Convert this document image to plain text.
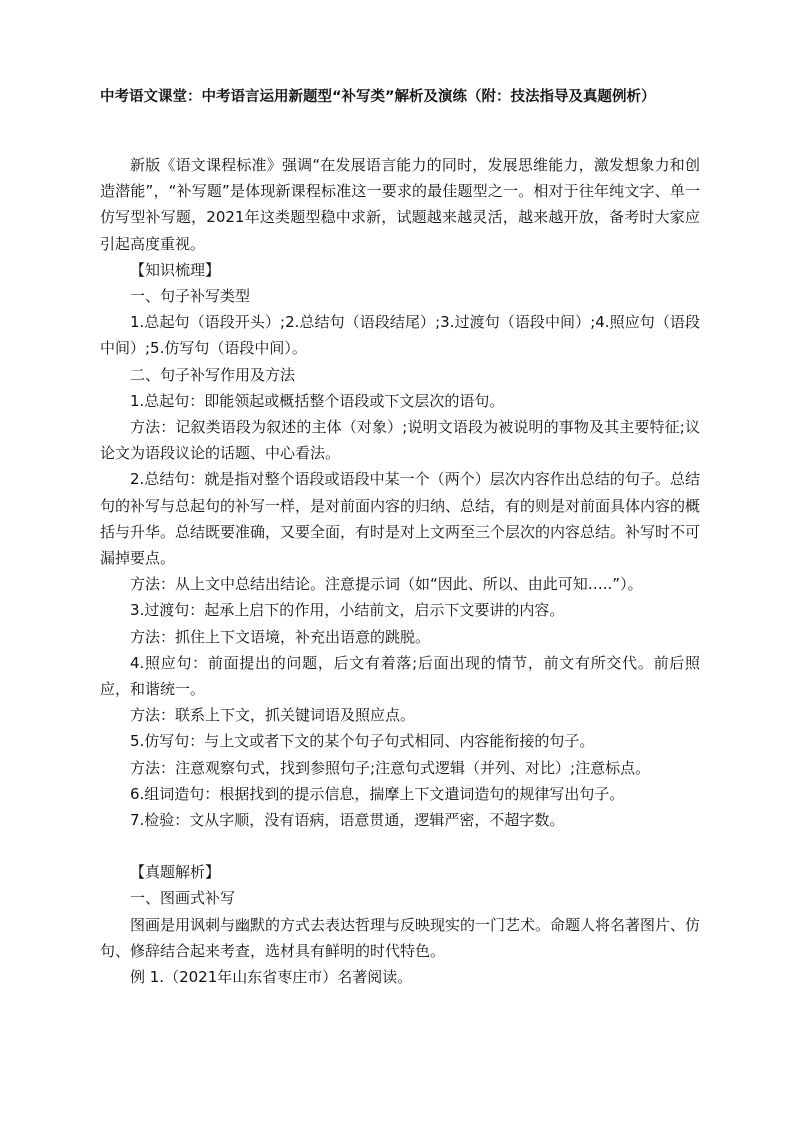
中考语文课堂：中考语言运用新题型“补写类”解析及演练（附：技法指导及真题例析）

新版《语文课程标准》强调“在发展语言能力的同时，发展思维能力，激发想象力和创造潜能”，“补写题”是体现新课程标准这一要求的最佳题型之一。相对于往年纯文字、单一仿写型补写题，2021年这类题型稳中求新，试题越来越灵活，越来越开放，备考时大家应引起高度重视。

【知识梳理】

一、句子补写类型

1.总起句（语段开头）;2.总结句（语段结尾）;3.过渡句（语段中间）;4.照应句（语段中间）;5.仿写句（语段中间）。

二、句子补写作用及方法

1.总起句：即能领起或概括整个语段或下文层次的语句。

方法：记叙类语段为叙述的主体（对象）;说明文语段为被说明的事物及其主要特征;议论文为语段议论的话题、中心看法。

2.总结句：就是指对整个语段或语段中某一个（两个）层次内容作出总结的句子。总结句的补写与总起句的补写一样，是对前面内容的归纳、总结，有的则是对前面具体内容的概括与升华。总结既要准确，又要全面，有时是对上文两至三个层次的内容总结。补写时不可漏掉要点。

方法：从上文中总结出结论。注意提示词（如“因此、所以、由此可知…..”）。

3.过渡句：起承上启下的作用，小结前文，启示下文要讲的内容。

方法：抓住上下文语境，补充出语意的跳脱。

4.照应句：前面提出的问题，后文有着落;后面出现的情节，前文有所交代。前后照应，和谐统一。

方法：联系上下文，抓关键词语及照应点。

5.仿写句：与上文或者下文的某个句子句式相同、内容能衔接的句子。

方法：注意观察句式，找到参照句子;注意句式逻辑（并列、对比）;注意标点。

6.组词造句：根据找到的提示信息，揣摩上下文遣词造句的规律写出句子。

7.检验：文从字顺，没有语病，语意贯通，逻辑严密，不超字数。

【真题解析】

一、图画式补写

图画是用讽刺与幽默的方式去表达哲理与反映现实的一门艺术。命题人将名著图片、仿句、修辞结合起来考查，选材具有鲜明的时代特色。

例 1.（2021年山东省枣庄市）名著阅读。
